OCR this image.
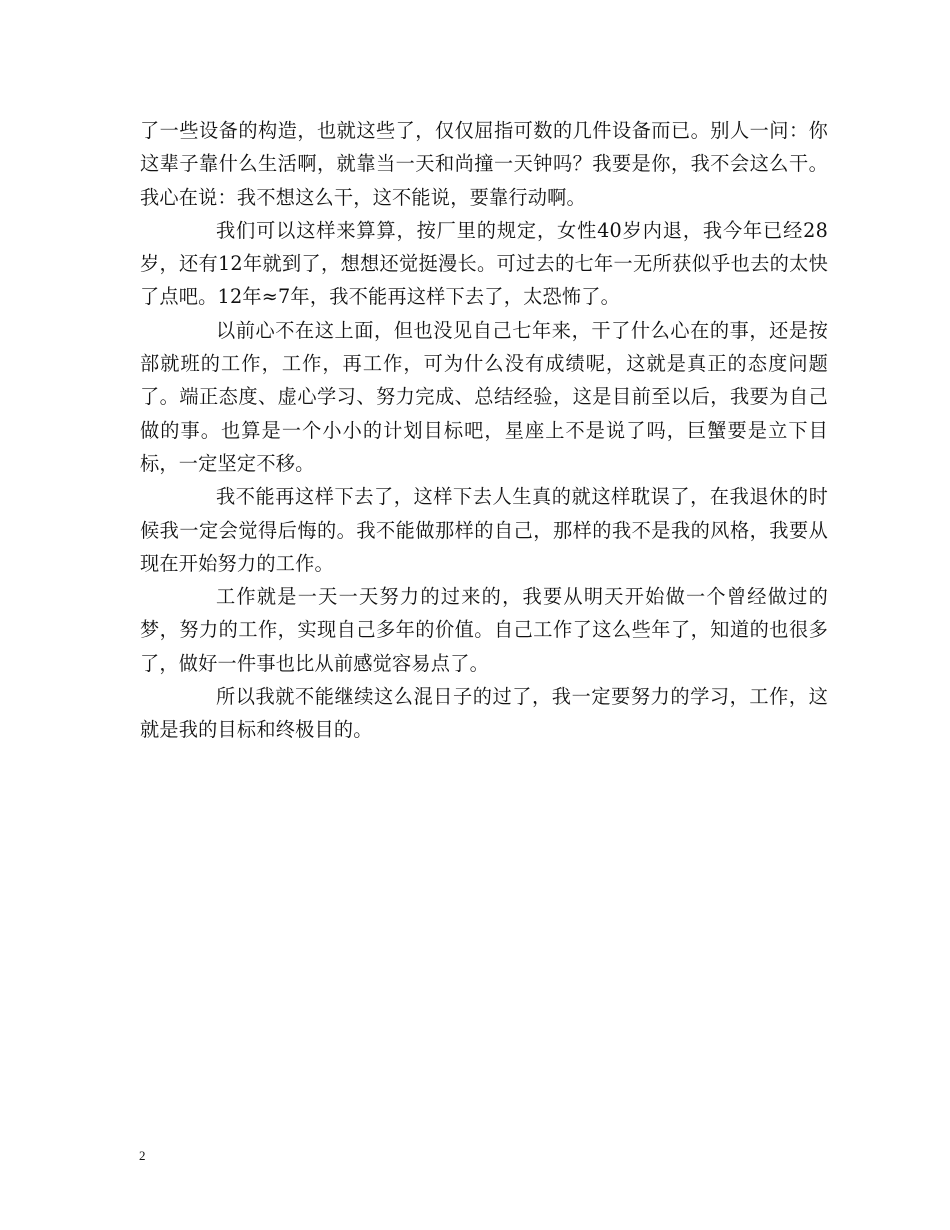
了一些设备的构造，也就这些了，仅仅屈指可数的几件设备而已。别人一问：你这辈子靠什么生活啊，就靠当一天和尚撞一天钟吗？我要是你，我不会这么干。我心在说：我不想这么干，这不能说，要靠行动啊。

我们可以这样来算算，按厂里的规定，女性40岁内退，我今年已经28岁，还有12年就到了，想想还觉挺漫长。可过去的七年一无所获似乎也去的太快了点吧。12年≈7年，我不能再这样下去了，太恐怖了。

以前心不在这上面，但也没见自己七年来，干了什么心在的事，还是按部就班的工作，工作，再工作，可为什么没有成绩呢，这就是真正的态度问题了。端正态度、虚心学习、努力完成、总结经验，这是目前至以后，我要为自己做的事。也算是一个小小的计划目标吧，星座上不是说了吗，巨蟹要是立下目标，一定坚定不移。

我不能再这样下去了，这样下去人生真的就这样耽误了，在我退休的时候我一定会觉得后悔的。我不能做那样的自己，那样的我不是我的风格，我要从现在开始努力的工作。

工作就是一天一天努力的过来的，我要从明天开始做一个曾经做过的梦，努力的工作，实现自己多年的价值。自己工作了这么些年了，知道的也很多了，做好一件事也比从前感觉容易点了。

所以我就不能继续这么混日子的过了，我一定要努力的学习，工作，这就是我的目标和终极目的。

2
